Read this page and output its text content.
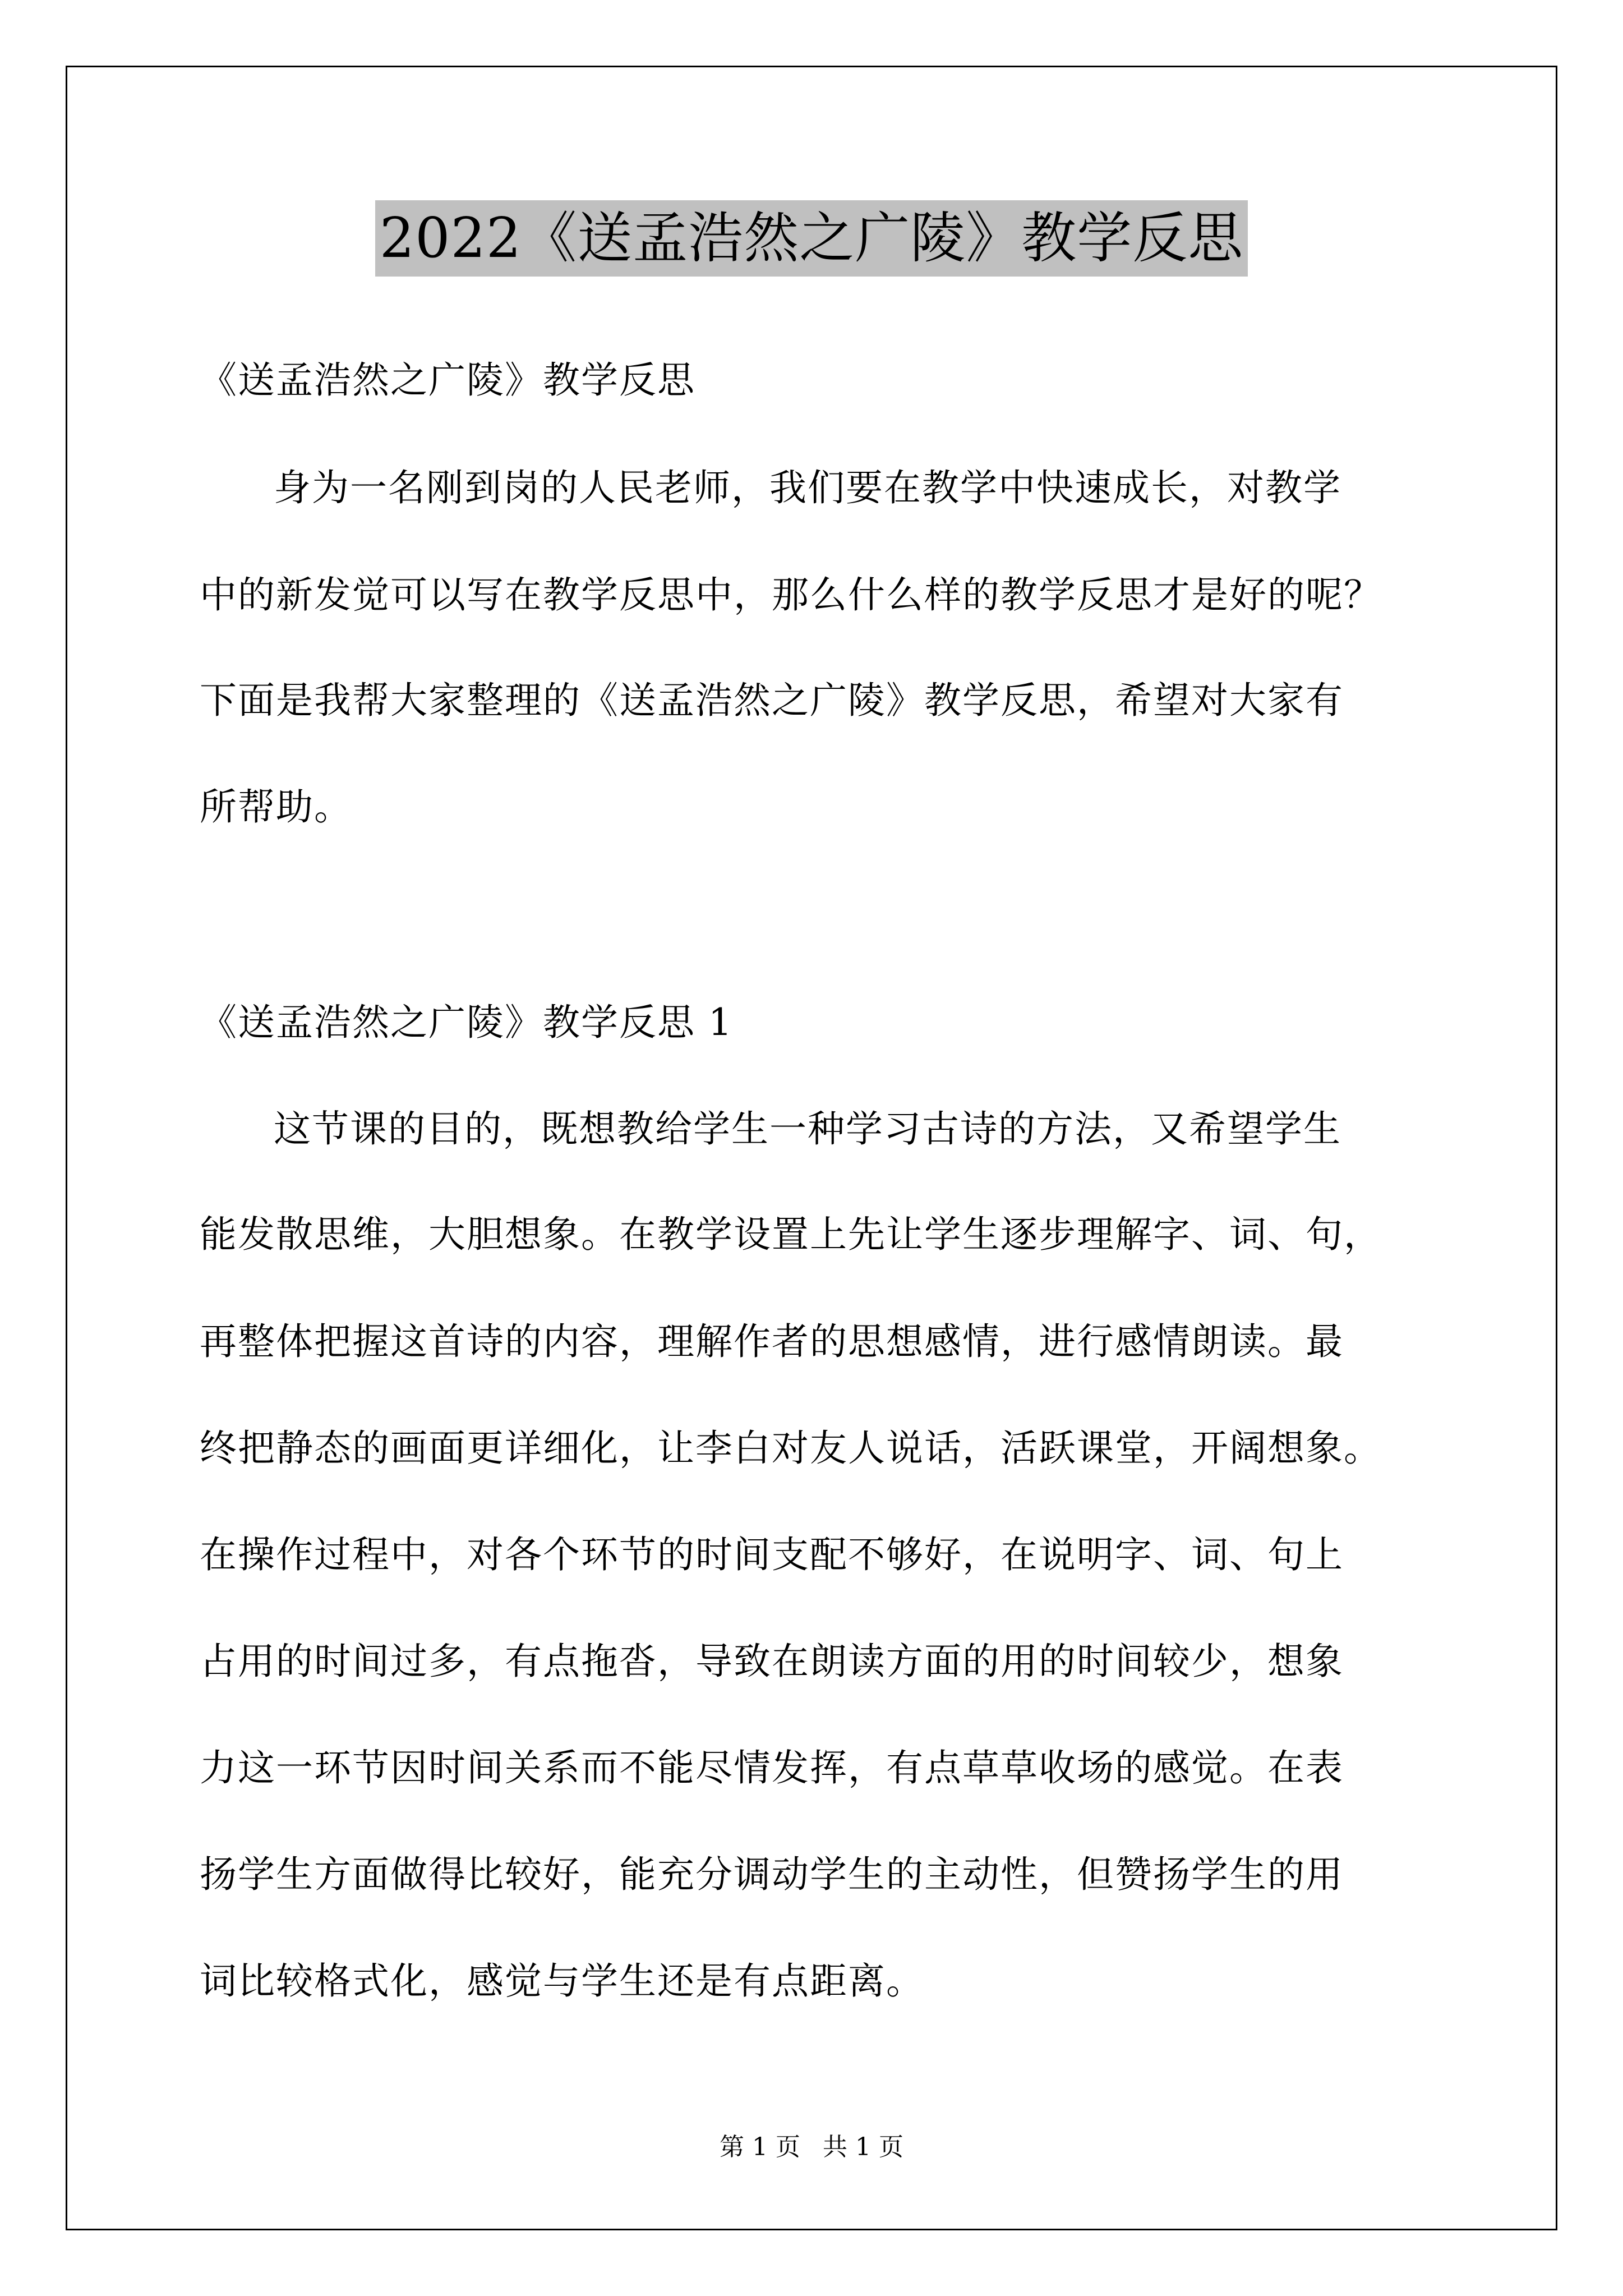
2022《送孟浩然之广陵》教学反思
《送孟浩然之广陵》教学反思
身为一名刚到岗的人民老师，我们要在教学中快速成长，对教学
中的新发觉可以写在教学反思中，那么什么样的教学反思才是好的呢？
下面是我帮大家整理的《送孟浩然之广陵》教学反思，希望对大家有
所帮助。
《送孟浩然之广陵》教学反思 1
这节课的目的，既想教给学生一种学习古诗的方法，又希望学生
能发散思维，大胆想象。在教学设置上先让学生逐步理解字、词、句，
再整体把握这首诗的内容，理解作者的思想感情，进行感情朗读。最
终把静态的画面更详细化，让李白对友人说话，活跃课堂，开阔想象。
在操作过程中，对各个环节的时间支配不够好，在说明字、词、句上
占用的时间过多，有点拖沓，导致在朗读方面的用的时间较少，想象
力这一环节因时间关系而不能尽情发挥，有点草草收场的感觉。在表
扬学生方面做得比较好，能充分调动学生的主动性，但赞扬学生的用
词比较格式化，感觉与学生还是有点距离。
第 1 页 共 1 页
